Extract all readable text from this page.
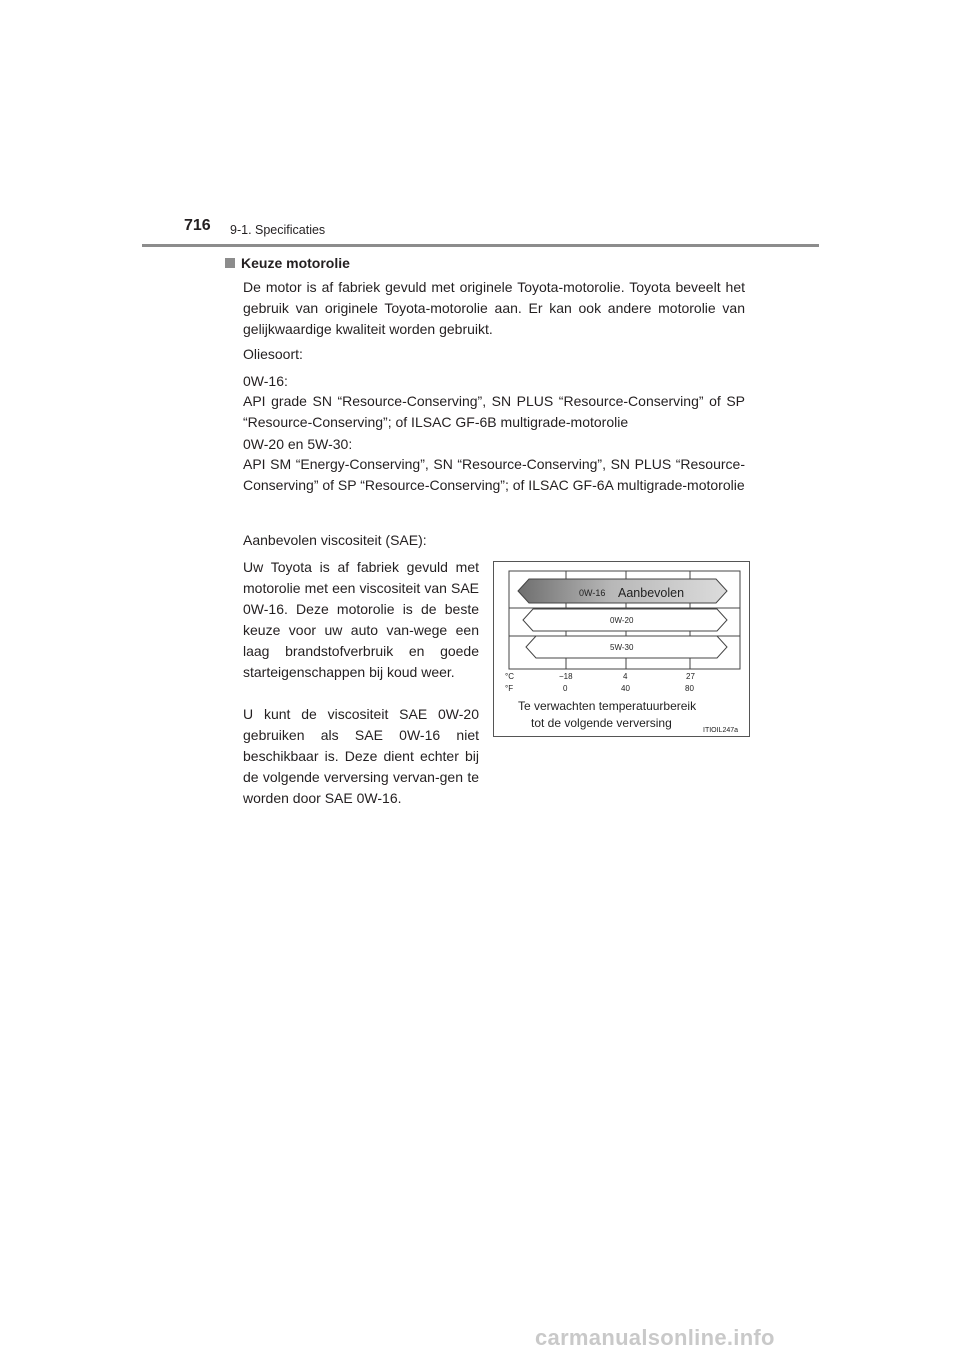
716 9-1. Specificaties
Keuze motorolie
De motor is af fabriek gevuld met originele Toyota-motorolie. Toyota beveelt het gebruik van originele Toyota-motorolie aan. Er kan ook andere motorolie van gelijkwaardige kwaliteit worden gebruikt.
Oliesoort:
0W-16:
API grade SN “Resource-Conserving”, SN PLUS “Resource-Conserving” of SP “Resource-Conserving”; of ILSAC GF-6B multigrade-motorolie
0W-20 en 5W-30:
API SM “Energy-Conserving”, SN “Resource-Conserving”, SN PLUS “Resource-Conserving” of SP “Resource-Conserving”; of ILSAC GF-6A multigrade-motorolie
Aanbevolen viscositeit (SAE):
Uw Toyota is af fabriek gevuld met motorolie met een viscositeit van SAE 0W-16. Deze motorolie is de beste keuze voor uw auto van-wege een laag brandstofverbruik en goede starteigenschappen bij koud weer.
U kunt de viscositeit SAE 0W-20 gebruiken als SAE 0W-16 niet beschikbaar is. Deze dient echter bij de volgende verversing vervan-gen te worden door SAE 0W-16.
0W-16 Aanbevolen
0W-20
5W-30
°C
°F
−18	4	27
0	40	80
Te verwachten temperatuurbereik
tot de volgende verversing
ITIOIL247a
carmanualsonline.info
